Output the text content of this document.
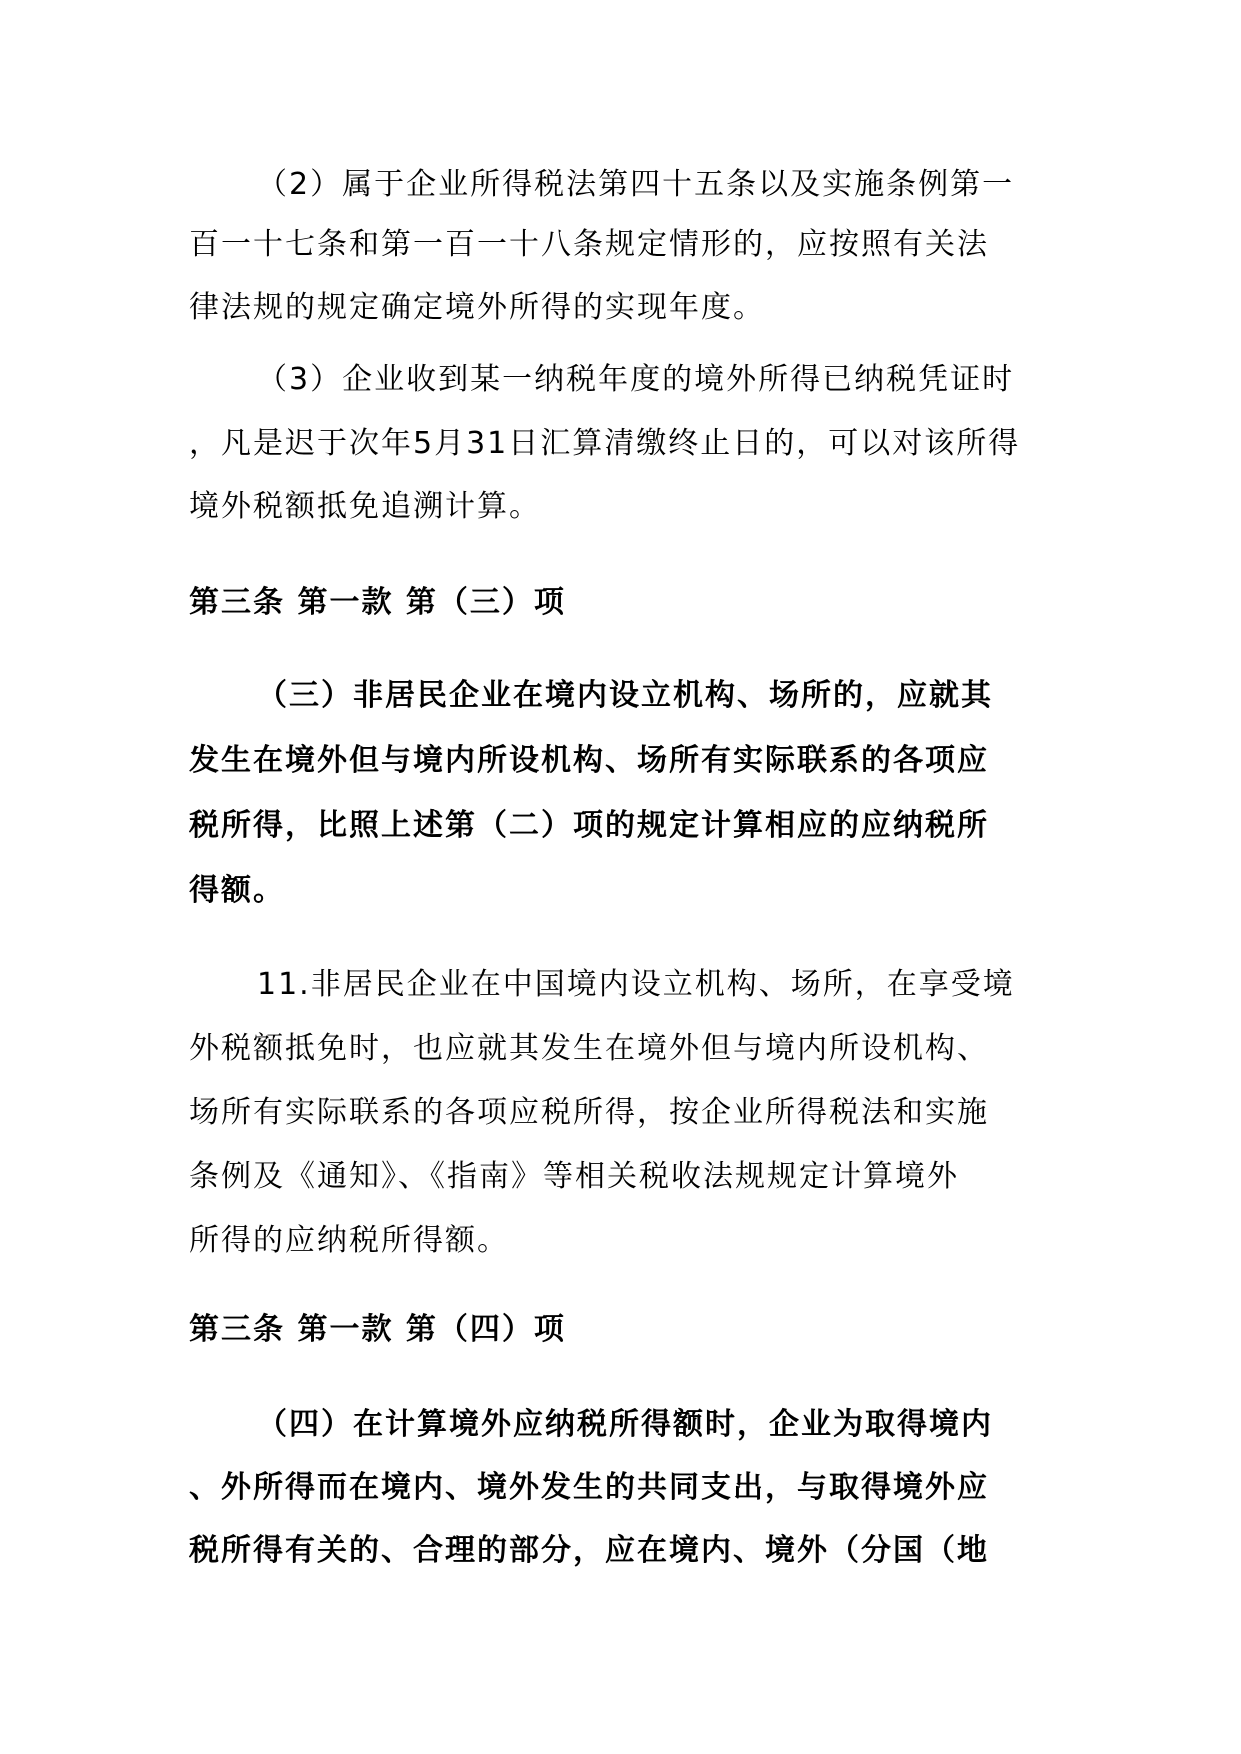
（2）属于企业所得税法第四十五条以及实施条例第一

百一十七条和第一百一十八条规定情形的，应按照有关法

律法规的规定确定境外所得的实现年度。

（3）企业收到某一纳税年度的境外所得已纳税凭证时

，凡是迟于次年5月31日汇算清缴终止日的，可以对该所得

境外税额抵免追溯计算。

第三条 第一款 第（三）项

（三）非居民企业在境内设立机构、场所的，应就其

发生在境外但与境内所设机构、场所有实际联系的各项应

税所得，比照上述第（二）项的规定计算相应的应纳税所

得额。

11.非居民企业在中国境内设立机构、场所，在享受境

外税额抵免时，也应就其发生在境外但与境内所设机构、

场所有实际联系的各项应税所得，按企业所得税法和实施

条例及《通知》、《指南》等相关税收法规规定计算境外

所得的应纳税所得额。

第三条 第一款 第（四）项

（四）在计算境外应纳税所得额时，企业为取得境内

、外所得而在境内、境外发生的共同支出，与取得境外应

税所得有关的、合理的部分，应在境内、境外（分国（地
